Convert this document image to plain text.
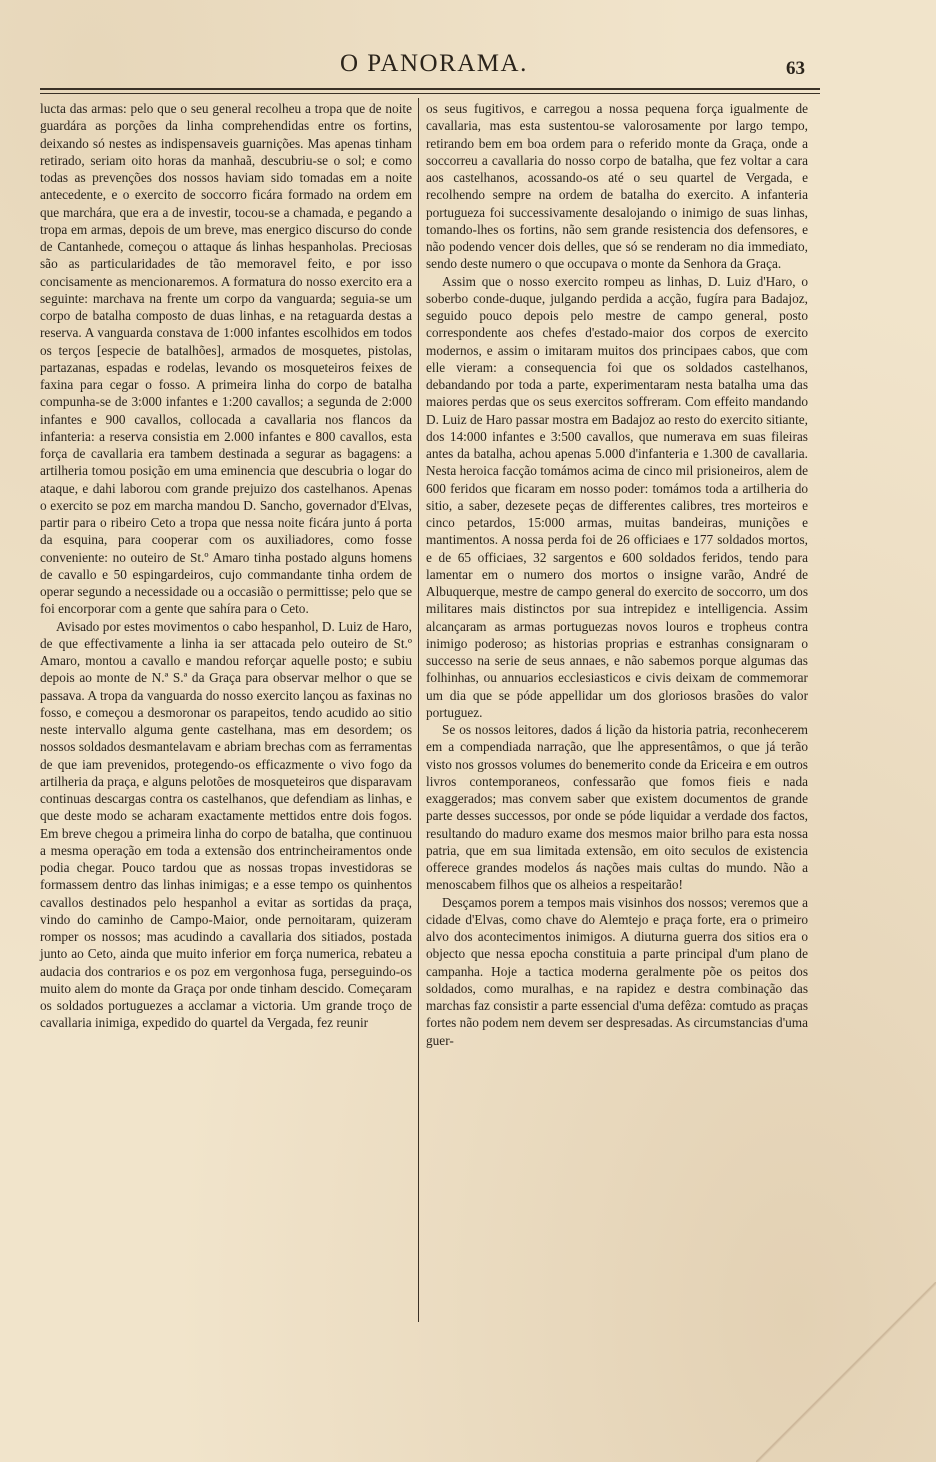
O PANORAMA.	63

lucta das armas: pelo que o seu general recolheu a tropa que de noite guardára as porções da linha comprehendidas entre os fortins, deixando só nestes as indispensaveis guarnições. Mas apenas tinham retirado, seriam oito horas da manhaã, descubriu-se o sol; e como todas as prevenções dos nossos haviam sido tomadas em a noite antecedente, e o exercito de soccorro ficára formado na ordem em que marchára, que era a de investir, tocou-se a chamada, e pegando a tropa em armas, depois de um breve, mas energico discurso do conde de Cantanhede, começou o attaque ás linhas hespanholas. Preciosas são as particularidades de tão memoravel feito, e por isso concisamente as mencionaremos. A formatura do nosso exercito era a seguinte: marchava na frente um corpo da vanguarda; seguia-se um corpo de batalha composto de duas linhas, e na retaguarda destas a reserva. A vanguarda constava de 1:000 infantes escolhidos em todos os terços [especie de batalhões], armados de mosquetes, pistolas, partazanas, espadas e rodelas, levando os mosqueteiros feixes de faxina para cegar o fosso. A primeira linha do corpo de batalha compunha-se de 3:000 infantes e 1:200 cavallos; a segunda de 2:000 infantes e 900 cavallos, collocada a cavallaria nos flancos da infanteria: a reserva consistia em 2.000 infantes e 800 cavallos, esta força de cavallaria era tambem destinada a segurar as bagagens: a artilheria tomou posição em uma eminencia que descubria o logar do ataque, e dahi laborou com grande prejuizo dos castelhanos. Apenas o exercito se poz em marcha mandou D. Sancho, governador d'Elvas, partir para o ribeiro Ceto a tropa que nessa noite ficára junto á porta da esquina, para cooperar com os auxiliadores, como fosse conveniente: no outeiro de St.º Amaro tinha postado alguns homens de cavallo e 50 espingardeiros, cujo commandante tinha ordem de operar segundo a necessidade ou a occasião o permittisse; pelo que se foi encorporar com a gente que sahíra para o Ceto.

Avisado por estes movimentos o cabo hespanhol, D. Luiz de Haro, de que effectivamente a linha ia ser attacada pelo outeiro de St.º Amaro, montou a cavallo e mandou reforçar aquelle posto; e subiu depois ao monte de N.ª S.ª da Graça para observar melhor o que se passava. A tropa da vanguarda do nosso exercito lançou as faxinas no fosso, e começou a desmoronar os parapeitos, tendo acudido ao sitio neste intervallo alguma gente castelhana, mas em desordem; os nossos soldados desmantelavam e abriam brechas com as ferramentas de que iam prevenidos, protegendo-os efficazmente o vivo fogo da artilheria da praça, e alguns pelotões de mosqueteiros que disparavam continuas descargas contra os castelhanos, que defendiam as linhas, e que deste modo se acharam exactamente mettidos entre dois fogos. Em breve chegou a primeira linha do corpo de batalha, que continuou a mesma operação em toda a extensão dos entrincheiramentos onde podia chegar. Pouco tardou que as nossas tropas investidoras se formassem dentro das linhas inimigas; e a esse tempo os quinhentos cavallos destinados pelo hespanhol a evitar as sortidas da praça, vindo do caminho de Campo-Maior, onde pernoitaram, quizeram romper os nossos; mas acudindo a cavallaria dos sitiados, postada junto ao Ceto, ainda que muito inferior em força numerica, rebateu a audacia dos contrarios e os poz em vergonhosa fuga, perseguindo-os muito alem do monte da Graça por onde tinham descido. Começaram os soldados portuguezes a acclamar a victoria. Um grande troço de cavallaria inimiga, expedido do quartel da Vergada, fez reunir

os seus fugitivos, e carregou a nossa pequena força igualmente de cavallaria, mas esta sustentou-se valorosamente por largo tempo, retirando bem em boa ordem para o referido monte da Graça, onde a soccorreu a cavallaria do nosso corpo de batalha, que fez voltar a cara aos castelhanos, acossando-os até o seu quartel de Vergada, e recolhendo sempre na ordem de batalha do exercito. A infanteria portugueza foi successivamente desalojando o inimigo de suas linhas, tomando-lhes os fortins, não sem grande resistencia dos defensores, e não podendo vencer dois delles, que só se renderam no dia immediato, sendo deste numero o que occupava o monte da Senhora da Graça.

Assim que o nosso exercito rompeu as linhas, D. Luiz d'Haro, o soberbo conde-duque, julgando perdida a acção, fugíra para Badajoz, seguido pouco depois pelo mestre de campo general, posto correspondente aos chefes d'estado-maior dos corpos de exercito modernos, e assim o imitaram muitos dos principaes cabos, que com elle vieram: a consequencia foi que os soldados castelhanos, debandando por toda a parte, experimentaram nesta batalha uma das maiores perdas que os seus exercitos soffreram. Com effeito mandando D. Luiz de Haro passar mostra em Badajoz ao resto do exercito sitiante, dos 14:000 infantes e 3:500 cavallos, que numerava em suas fileiras antes da batalha, achou apenas 5.000 d'infanteria e 1.300 de cavallaria. Nesta heroica facção tomámos acima de cinco mil prisioneiros, alem de 600 feridos que ficaram em nosso poder: tomámos toda a artilheria do sitio, a saber, dezesete peças de differentes calibres, tres morteiros e cinco petardos, 15:000 armas, muitas bandeiras, munições e mantimentos. A nossa perda foi de 26 officiaes e 177 soldados mortos, e de 65 officiaes, 32 sargentos e 600 soldados feridos, tendo para lamentar em o numero dos mortos o insigne varão, André de Albuquerque, mestre de campo general do exercito de soccorro, um dos militares mais distinctos por sua intrepidez e intelligencia. Assim alcançaram as armas portuguezas novos louros e tropheus contra inimigo poderoso; as historias proprias e estranhas consignaram o successo na serie de seus annaes, e não sabemos porque algumas das folhinhas, ou annuarios ecclesiasticos e civis deixam de commemorar um dia que se póde appellidar um dos gloriosos brasões do valor portuguez.

Se os nossos leitores, dados á lição da historia patria, reconhecerem em a compendiada narração, que lhe appresentâmos, o que já terão visto nos grossos volumes do benemerito conde da Ericeira e em outros livros contemporaneos, confessarão que fomos fieis e nada exaggerados; mas convem saber que existem documentos de grande parte desses successos, por onde se póde liquidar a verdade dos factos, resultando do maduro exame dos mesmos maior brilho para esta nossa patria, que em sua limitada extensão, em oito seculos de existencia offerece grandes modelos ás nações mais cultas do mundo. Não a menoscabem filhos que os alheios a respeitarão!

Desçamos porem a tempos mais visinhos dos nossos; veremos que a cidade d'Elvas, como chave do Alemtejo e praça forte, era o primeiro alvo dos acontecimentos inimigos. A diuturna guerra dos sitios era o objecto que nessa epocha constituia a parte principal d'um plano de campanha. Hoje a tactica moderna geralmente põe os peitos dos soldados, como muralhas, e na rapidez e destra combinação das marchas faz consistir a parte essencial d'uma defêza: comtudo as praças fortes não podem nem devem ser despresadas. As circumstancias d'uma guer-
